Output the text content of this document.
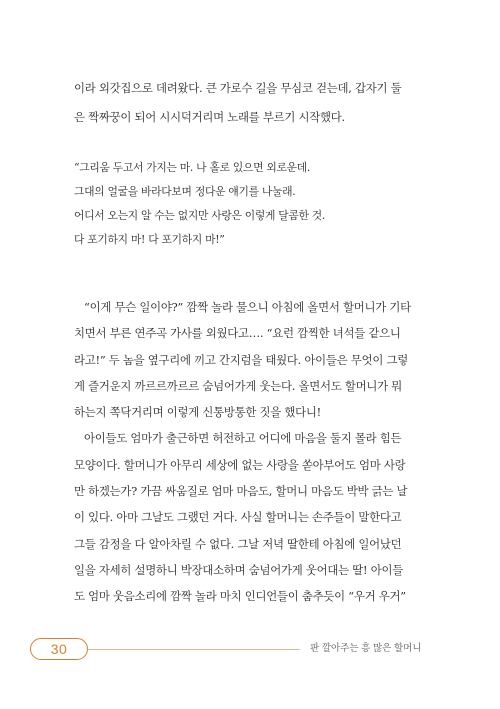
이라 외갓집으로 데려왔다. 큰 가로수 길을 무심코 걷는데, 갑자기 둘
은 짝짜꿍이 되어 시시덕거리며 노래를 부르기 시작했다.
“그리움 두고서 가지는 마. 나 홀로 있으면 외로운데.
그대의 얼굴을 바라다보며 정다운 얘기를 나눌래.
어디서 오는지 알 수는 없지만 사랑은 이렇게 달콤한 것.
다 포기하지 마! 다 포기하지 마!”
“이게 무슨 일이야?” 깜짝 놀라 물으니 아침에 올면서 할머니가 기타
치면서 부른 연주곡 가사를 외웠다고…. “요런 깜찍한 녀석들 같으니
라고!” 두 놈을 옆구리에 끼고 간지럼을 태웠다. 아이들은 무엇이 그렇
게 즐거운지 까르르까르르 숨넘어가게 웃는다. 올면서도 할머니가 뭐
하는지 쪽닥거리며 이렇게 신통방통한 짓을 했다니!
아이들도 엄마가 출근하면 허전하고 어디에 마음을 둘지 몰라 힘든
모양이다. 할머니가 아무리 세상에 없는 사랑을 쏟아부어도 엄마 사랑
만 하겠는가? 가끔 싸움질로 엄마 마음도, 할머니 마음도 박박 긁는 날
이 있다. 아마 그날도 그랬던 거다. 사실 할머니는 손주들이 말한다고
그들 감정을 다 알아차릴 수 없다. 그날 저녁 딸한테 아침에 일어났던
일을 자세히 설명하니 박장대소하며 숨넘어가게 웃어대는 딸! 아이들
도 엄마 웃음소리에 깜짝 놀라 마치 인디언들이 춤추듯이 “우거 우거”
30	판 깔아주는 흥 많은 할머니
